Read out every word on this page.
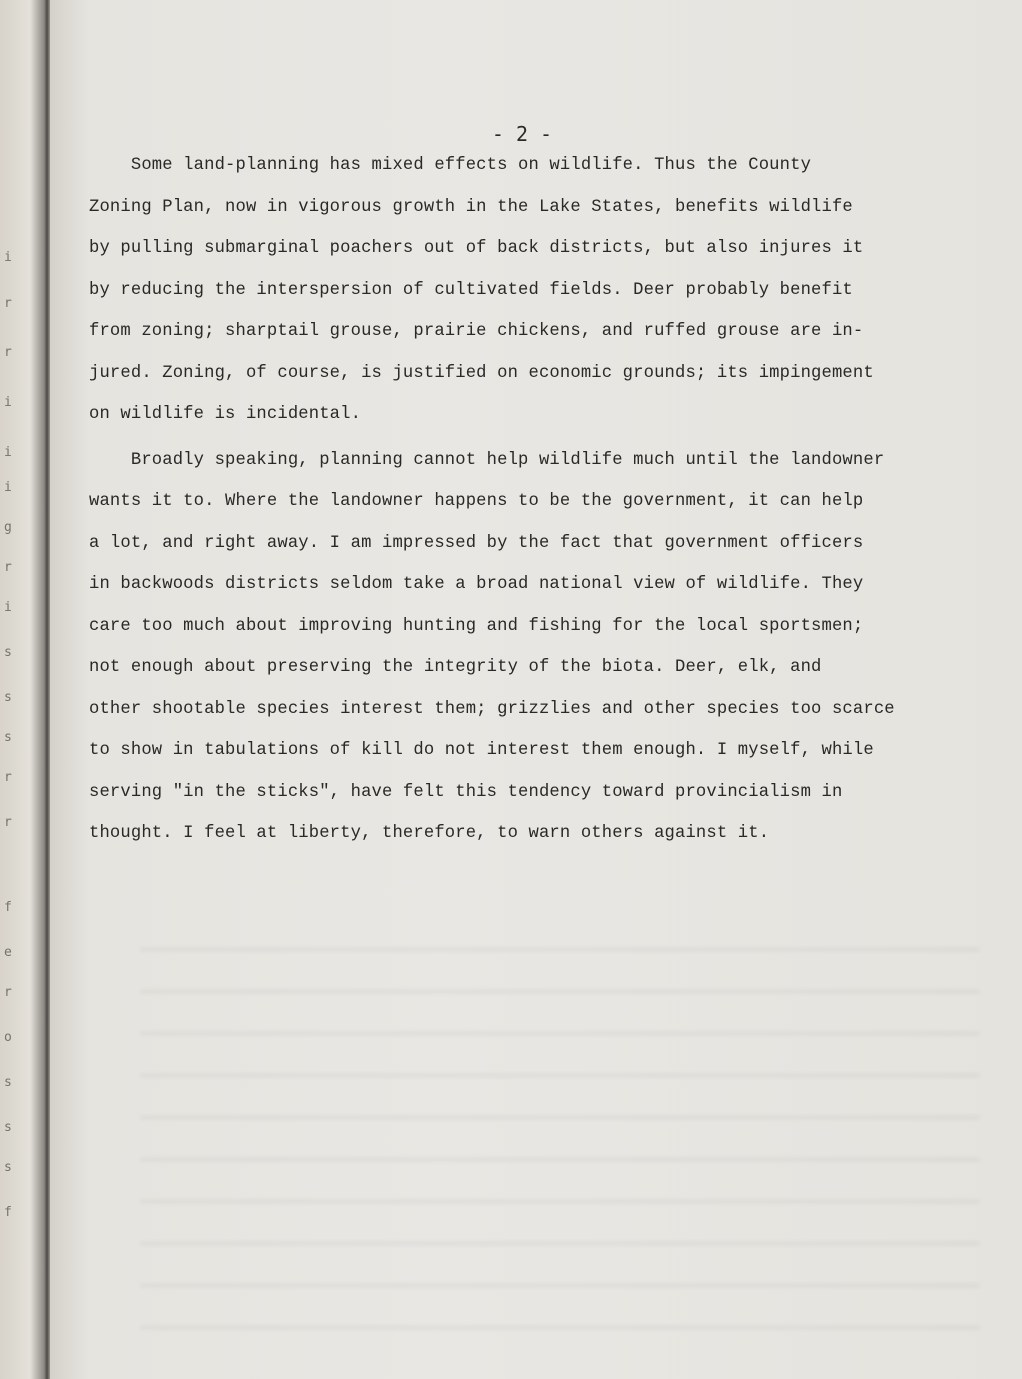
i
r
r
i
i
i
g
r
i
s
s
s
r
r
f
e
r
o
s
s
s
f
- 2 -

Some land-planning has mixed effects on wildlife. Thus the County

Zoning Plan, now in vigorous growth in the Lake States, benefits wildlife

by pulling submarginal poachers out of back districts, but also injures it

by reducing the interspersion of cultivated fields. Deer probably benefit

from zoning; sharptail grouse, prairie chickens, and ruffed grouse are in-

jured. Zoning, of course, is justified on economic grounds; its impingement

on wildlife is incidental.

Broadly speaking, planning cannot help wildlife much until the landowner

wants it to. Where the landowner happens to be the government, it can help

a lot, and right away. I am impressed by the fact that government officers

in backwoods districts seldom take a broad national view of wildlife. They

care too much about improving hunting and fishing for the local sportsmen;

not enough about preserving the integrity of the biota. Deer, elk, and

other shootable species interest them; grizzlies and other species too scarce

to show in tabulations of kill do not interest them enough. I myself, while

serving "in the sticks", have felt this tendency toward provincialism in

thought. I feel at liberty, therefore, to warn others against it.
